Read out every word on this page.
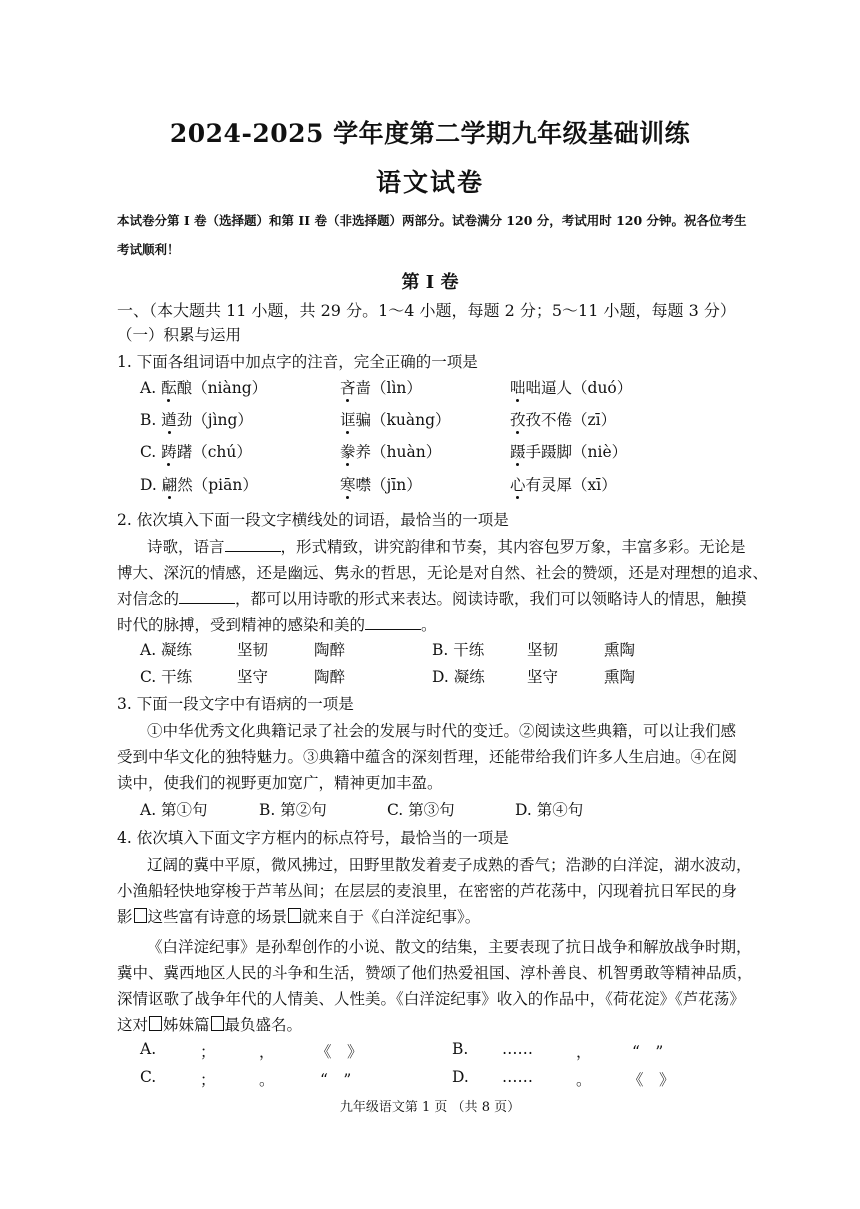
2024-2025 学年度第二学期九年级基础训练
语文试卷
本试卷分第 I 卷（选择题）和第 II 卷（非选择题）两部分。试卷满分 120 分，考试用时 120 分钟。祝各位考生
考试顺利！
第 I 卷
一、（本大题共 11 小题，共 29 分。1～4 小题，每题 2 分；5～11 小题，每题 3 分）
（一）积累与运用
1. 下面各组词语中加点字的注音，完全正确的一项是
A. 酝酿（niàng）	吝啬（lìn）	咄咄逼人（duó）
B. 遒劲（jìng）	诓骗（kuàng）	孜孜不倦（zī）
C. 踌躇（chú）	豢养（huàn）	蹑手蹑脚（niè）
D. 翩然（piān）	寒噤（jīn）	心有灵犀（xī）
2. 依次填入下面一段文字横线处的词语，最恰当的一项是
诗歌，语言	，形式精致，讲究韵律和节奏，其内容包罗万象，丰富多彩。无论是
博大、深沉的情感，还是幽远、隽永的哲思，无论是对自然、社会的赞颂，还是对理想的追求、
对信念的	，都可以用诗歌的形式来表达。阅读诗歌，我们可以领略诗人的情思，触摸
时代的脉搏，受到精神的感染和美的	。
A. 凝练	坚韧	陶醉	B. 干练	坚韧	熏陶
C. 干练	坚守	陶醉	D. 凝练	坚守	熏陶
3. 下面一段文字中有语病的一项是
①中华优秀文化典籍记录了社会的发展与时代的变迁。②阅读这些典籍，可以让我们感
受到中华文化的独特魅力。③典籍中蕴含的深刻哲理，还能带给我们许多人生启迪。④在阅
读中，使我们的视野更加宽广，精神更加丰盈。
A. 第①句	B. 第②句	C. 第③句	D. 第④句
4. 依次填入下面文字方框内的标点符号，最恰当的一项是
辽阔的冀中平原，微风拂过，田野里散发着麦子成熟的香气；浩渺的白洋淀，湖水波动，
小渔船轻快地穿梭于芦苇丛间；在层层的麦浪里，在密密的芦花荡中，闪现着抗日军民的身
影 这些富有诗意的场景 就来自于《白洋淀纪事》。
《白洋淀纪事》是孙犁创作的小说、散文的结集，主要表现了抗日战争和解放战争时期，
冀中、冀西地区人民的斗争和生活，赞颂了他们热爱祖国、淳朴善良、机智勇敢等精神品质，
深情讴歌了战争年代的人情美、人性美。《白洋淀纪事》收入的作品中，《荷花淀》《芦花荡》
这对 姊妹篇 最负盛名。
A.	；	，	《　》	B. ……	，	“　”
C.	；	。	“　”	D. ……	。 《　》
九年级语文第 1 页 （共 8 页）
